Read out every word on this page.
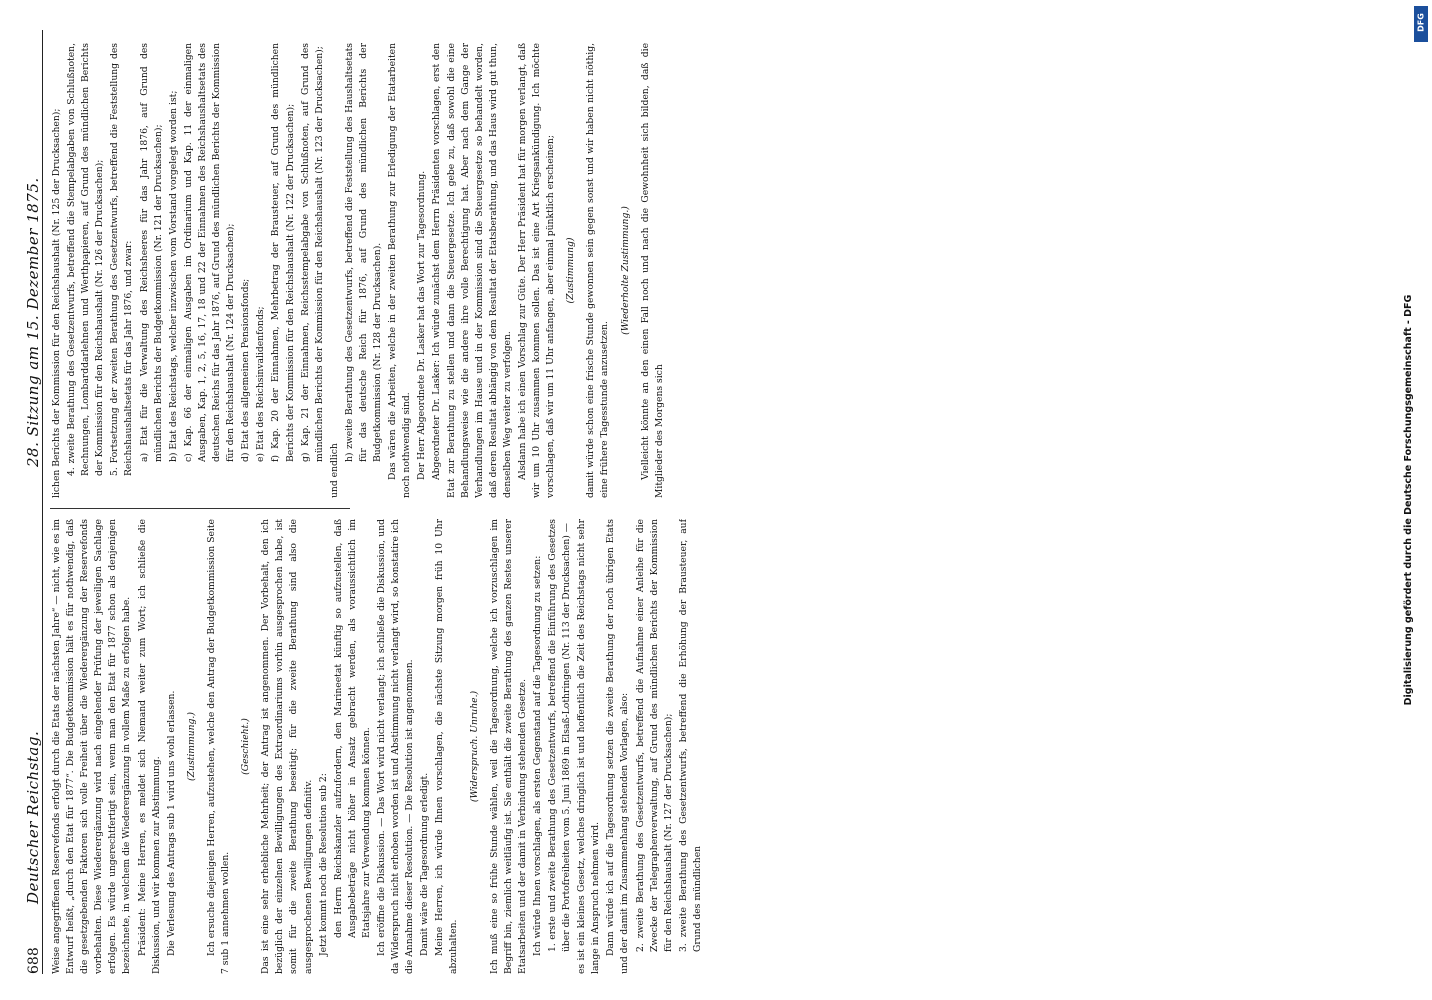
688
Deutscher Reichstag.
28. Sitzung am 15. Dezember 1875.

Weise angegriffenen Reservefonds erfolgt durch die Etats der nächsten Jahre“ — nicht, wie es im Entwurf heißt, „durch den Etat für 1877“. Die Budgetkommission hält es für nothwendig, daß die gesetzgebenden Faktoren sich volle Freiheit über die Wiederergänzung der Reservefonds vorbehalten. Diese Wiederergänzung wird nach eingehender Prüfung der jeweiligen Sachlage erfolgen. Es würde ungerechtfertigt sein, wenn man den Etat für 1877 schon als denjenigen bezeichnete, in welchem die Wiederergänzung in vollem Maße zu erfolgen habe. Präsident: Meine Herren, es meldet sich Niemand weiter zum Wort; ich schließe die Diskussion, und wir kommen zur Abstimmung. Die Verlesung des Antrags sub 1 wird uns wohl erlassen. (Zustimmung.) Ich ersuche diejenigen Herren, aufzustehen, welche den Antrag der Budgetkommission Seite 7 sub 1 annehmen wollen.

(Geschieht.) Das ist eine sehr erhebliche Mehrheit; der Antrag ist angenommen. Der Vorbehalt, den ich bezüglich der einzelnen Bewilligungen des Extraordinariums vorhin ausgesprochen habe, ist somit für die zweite Berathung beseitigt; für die zweite Berathung sind also die ausgesprochenen Bewilligungen definitiv. Jetzt kommt noch die Resolution sub 2: den Herrn Reichskanzler aufzufordern, den Marineetat künftig so aufzustellen, daß Ausgabebeträge nicht höher in Ansatz gebracht werden, als voraussichtlich im Etatsjahre zur Verwendung kommen können. Ich eröffne die Diskussion. — Das Wort wird nicht verlangt; ich schließe die Diskussion, und da Widerspruch nicht erhoben worden ist und Abstimmung nicht verlangt wird, so konstatire ich die Annahme dieser Resolution. — Die Resolution ist angenommen. Damit wäre die Tagesordnung erledigt. Meine Herren, ich würde Ihnen vorschlagen, die nächste Sitzung morgen früh 10 Uhr abzuhalten.

(Widerspruch. Unruhe.) Ich muß eine so frühe Stunde wählen, weil die Tagesordnung, welche ich vorzuschlagen im Begriff bin, ziemlich weitläufig ist. Sie enthält die zweite Berathung des ganzen Restes unserer Etatsarbeiten und der damit in Verbindung stehenden Gesetze. Ich würde Ihnen vorschlagen, als ersten Gegenstand auf die Tagesordnung zu setzen: 1. erste und zweite Berathung des Gesetzentwurfs, betreffend die Einführung des Gesetzes über die Portofreiheiten vom 5. Juni 1869 in Elsaß-Lothringen (Nr. 113 der Drucksachen) — es ist ein kleines Gesetz, welches dringlich ist und hoffentlich die Zeit des Reichstags nicht sehr lange in Anspruch nehmen wird. Dann würde ich auf die Tagesordnung setzen die zweite Berathung der noch übrigen Etats und der damit im Zusammenhang stehenden Vorlagen, also: 2. zweite Berathung des Gesetzentwurfs, betreffend die Aufnahme einer Anleihe für die Zwecke der Telegraphenverwaltung, auf Grund des mündlichen Berichts der Kommission für den Reichshaushalt (Nr. 127 der Drucksachen); 3. zweite Berathung des Gesetzentwurfs, betreffend die Erhöhung der Brausteuer, auf Grund des mündlichen

lichen Berichts der Kommission für den Reichshaushalt (Nr. 125 der Drucksachen); 4. zweite Berathung des Gesetzentwurfs, betreffend die Stempelabgaben von Schlußnoten, Rechnungen, Lombarddarlehnen und Werthpapieren, auf Grund des mündlichen Berichts der Kommission für den Reichshaushalt (Nr. 126 der Drucksachen); 5. Fortsetzung der zweiten Berathung des Gesetzentwurfs, betreffend die Feststellung des Reichshaushaltsetats für das Jahr 1876, und zwar: a) Etat für die Verwaltung des Reichsheeres für das Jahr 1876, auf Grund des mündlichen Berichts der Budgetkommission (Nr. 121 der Drucksachen); b) Etat des Reichstags, welcher inzwischen vom Vorstand vorgelegt worden ist; c) Kap. 66 der einmaligen Ausgaben im Ordinarium und Kap. 11 der einmaligen Ausgaben, Kap. 1, 2, 5, 16, 17, 18 und 22 der Einnahmen des Reichshaushaltsetats des deutschen Reichs für das Jahr 1876, auf Grund des mündlichen Berichts der Kommission für den Reichshaushalt (Nr. 124 der Drucksachen); d) Etat des allgemeinen Pensionsfonds; e) Etat des Reichsinvalidenfonds; f) Kap. 20 der Einnahmen, Mehrbetrag der Brausteuer, auf Grund des mündlichen Berichts der Kommission für den Reichshaushalt (Nr. 122 der Drucksachen); g) Kap. 21 der Einnahmen, Reichsstempelabgabe von Schlußnoten, auf Grund des mündlichen Berichts der Kommission für den Reichshaushalt (Nr. 123 der Drucksachen);

und endlich

h) zweite Berathung des Gesetzentwurfs, betreffend die Feststellung des Haushaltsetats für das deutsche Reich für 1876, auf Grund des mündlichen Berichts der Budgetkommission (Nr. 128 der Drucksachen). Das wären die Arbeiten, welche in der zweiten Berathung zur Erledigung der Etatarbeiten noch nothwendig sind. Der Herr Abgeordnete Dr. Lasker hat das Wort zur Tagesordnung. Abgeordneter Dr. Lasker: Ich würde zunächst dem Herrn Präsidenten vorschlagen, erst den Etat zur Berathung zu stellen und dann die Steuergesetze. Ich gebe zu, daß sowohl die eine Behandlungsweise wie die andere ihre volle Berechtigung hat. Aber nach dem Gange der Verhandlungen im Hause und in der Kommission sind die Steuergesetze so behandelt worden, daß deren Resultat abhängig von dem Resultat der Etatsberathung, und das Haus wird gut thun, denselben Weg weiter zu verfolgen. Alsdann habe ich einen Vorschlag zur Güte. Der Herr Präsident hat für morgen verlangt, daß wir um 10 Uhr zusammen kommen sollen. Das ist eine Art Kriegsankündigung. Ich möchte vorschlagen, daß wir um 11 Uhr anfangen, aber einmal pünktlich erscheinen; (Zustimmung) damit würde schon eine frische Stunde gewonnen sein gegen sonst und wir haben nicht nöthig, eine frühere Tagesstunde anzusetzen.

(Wiederholte Zustimmung.) Vielleicht könnte an den einen Fall noch und nach die Gewohnheit sich bilden, daß die Mitglieder des Morgens sich

DFG
Digitalisierung gefördert durch die Deutsche Forschungsgemeinschaft - DFG
